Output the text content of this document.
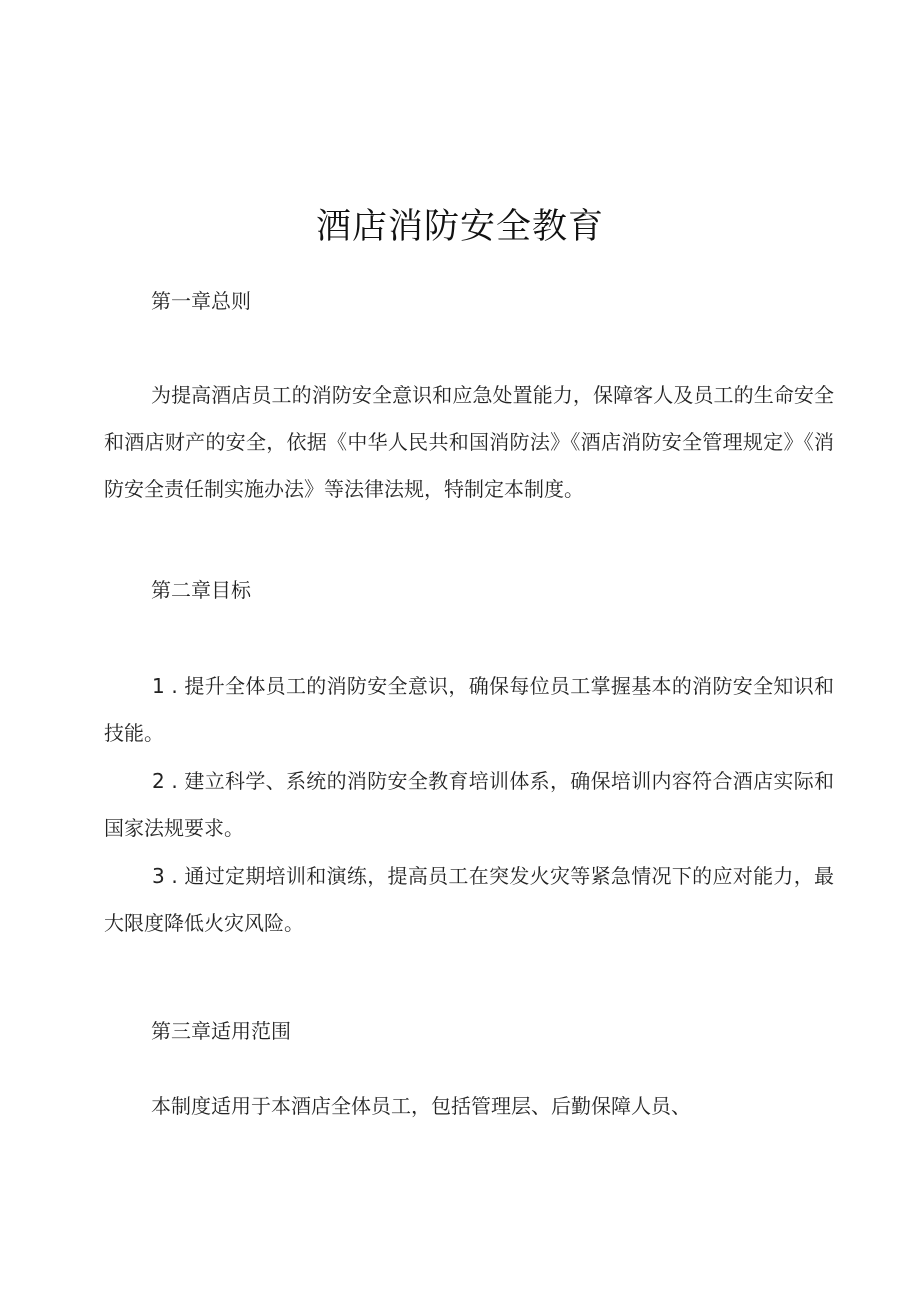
酒店消防安全教育
第一章总则
为提高酒店员工的消防安全意识和应急处置能力，保障客人及员工的生命安全和酒店财产的安全，依据《中华人民共和国消防法》《酒店消防安全管理规定》《消防安全责任制实施办法》等法律法规，特制定本制度。
第二章目标
1 . 提升全体员工的消防安全意识，确保每位员工掌握基本的消防安全知识和技能。
2 . 建立科学、系统的消防安全教育培训体系，确保培训内容符合酒店实际和国家法规要求。
3 . 通过定期培训和演练，提高员工在突发火灾等紧急情况下的应对能力，最大限度降低火灾风险。
第三章适用范围
本制度适用于本酒店全体员工，包括管理层、后勤保障人员、
